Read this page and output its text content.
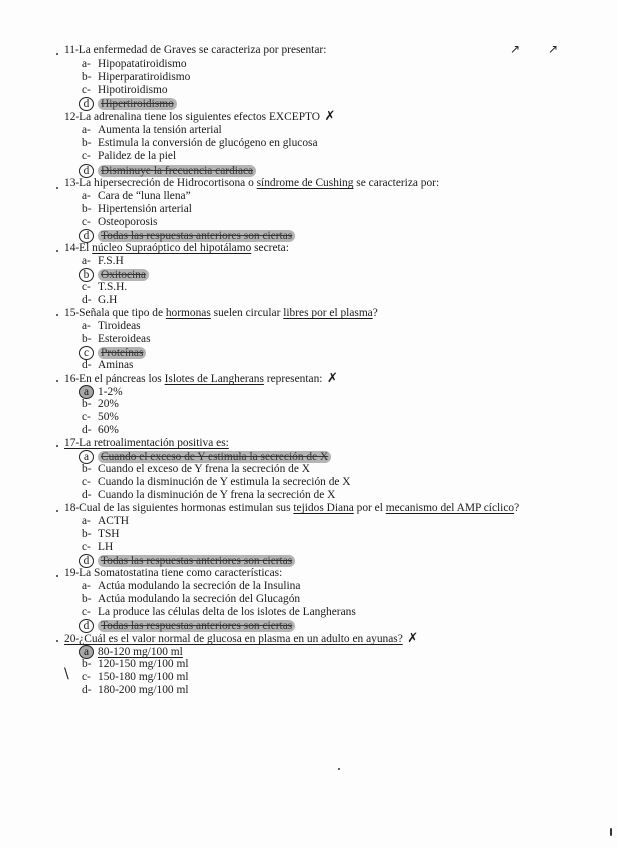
11-La enfermedad de Graves se caracteriza por presentar:
a- Hipopatatiroidismo
b- Hiperparatiroidismo
c- Hipotiroidismo
d Hipertiroidismo
12-La adrenalina tiene los siguientes efectos EXCEPTO ✗
a- Aumenta la tensión arterial
b- Estimula la conversión de glucógeno en glucosa
c- Palidez de la piel
d Disminuye la frecuencia cardiaca
13-La hipersecreción de Hidrocortisona o síndrome de Cushing se caracteriza por:
a- Cara de “luna llena”
b- Hipertensión arterial
c- Osteoporosis
d Todas las respuestas anteriores son ciertas
14-El núcleo Supraóptico del hipotálamo secreta:
a- F.S.H
b Oxitocina
c- T.S.H.
d- G.H
15-Señala que tipo de hormonas suelen circular libres por el plasma?
a- Tiroideas
b- Esteroideas
c Proteínas
d- Aminas
16-En el páncreas los Islotes de Langherans representan: ✗
a 1-2%
b- 20%
c- 50%
d- 60%
17-La retroalimentación positiva es:
a Cuando el exceso de Y estimula la secreción de X
b- Cuando el exceso de Y frena la secreción de X
c- Cuando la disminución de Y estimula la secreción de X
d- Cuando la disminución de Y frena la secreción de X
18-Cual de las siguientes hormonas estimulan sus tejidos Diana por el mecanismo del AMP cíclico?
a- ACTH
b- TSH
c- LH
d Todas las respuestas anteriores son ciertas
19-La Somatostatina tiene como características:
a- Actúa modulando la secreción de la Insulina
b- Actúa modulando la secreción del Glucagón
c- La produce las células delta de los islotes de Langherans
d Todas las respuestas anteriores son ciertas
20-¿Cuál es el valor normal de glucosa en plasma en un adulto en ayunas? ✗
a 80-120 mg/100 ml
b- 120-150 mg/100 ml
c- 150-180 mg/100 ml
d- 180-200 mg/100 ml
↗ ↗
\
